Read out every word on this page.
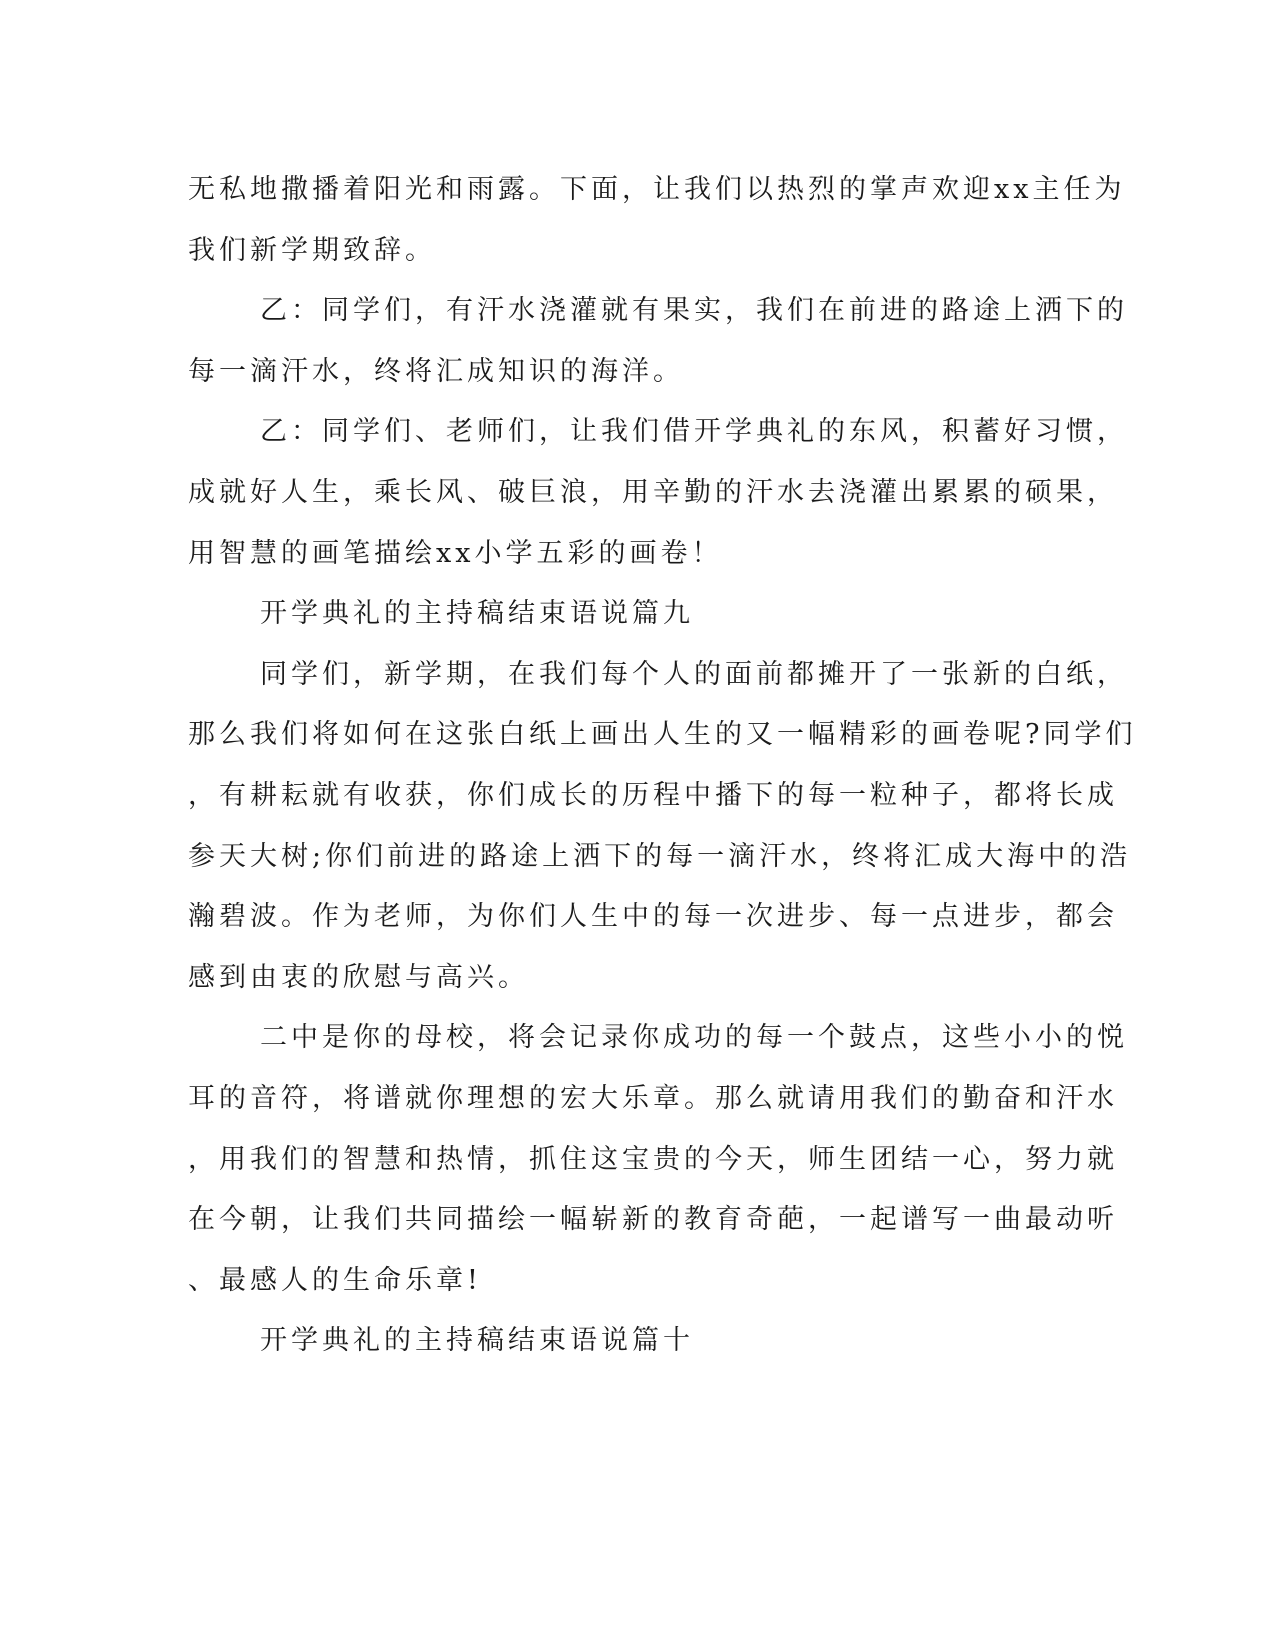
无私地撒播着阳光和雨露。下面，让我们以热烈的掌声欢迎xx主任为
我们新学期致辞。
乙：同学们，有汗水浇灌就有果实，我们在前进的路途上洒下的
每一滴汗水，终将汇成知识的海洋。
乙：同学们、老师们，让我们借开学典礼的东风，积蓄好习惯，
成就好人生，乘长风、破巨浪，用辛勤的汗水去浇灌出累累的硕果，
用智慧的画笔描绘xx小学五彩的画卷！
开学典礼的主持稿结束语说篇九
同学们，新学期，在我们每个人的面前都摊开了一张新的白纸，
那么我们将如何在这张白纸上画出人生的又一幅精彩的画卷呢?同学们
，有耕耘就有收获，你们成长的历程中播下的每一粒种子，都将长成
参天大树;你们前进的路途上洒下的每一滴汗水，终将汇成大海中的浩
瀚碧波。作为老师，为你们人生中的每一次进步、每一点进步，都会
感到由衷的欣慰与高兴。
二中是你的母校，将会记录你成功的每一个鼓点，这些小小的悦
耳的音符，将谱就你理想的宏大乐章。那么就请用我们的勤奋和汗水
，用我们的智慧和热情，抓住这宝贵的今天，师生团结一心，努力就
在今朝，让我们共同描绘一幅崭新的教育奇葩，一起谱写一曲最动听
、最感人的生命乐章!
开学典礼的主持稿结束语说篇十
